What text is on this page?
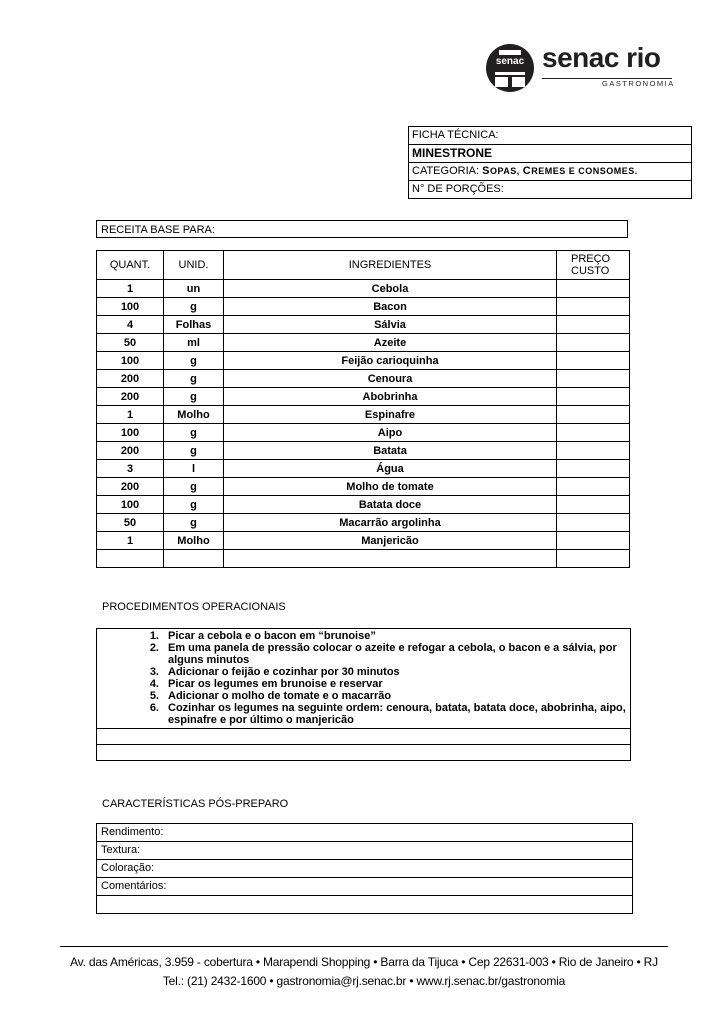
senac senac rio
GASTRONOMIA
FICHA TÉCNICA:
MINESTRONE
CATEGORIA: SOPAS, CREMES E CONSOMES.
N° DE PORÇÕES:
RECEITA BASE PARA:
QUANT.	UNID.	INGREDIENTES	PREÇO
CUSTO
1	un	Cebola	
100	g	Bacon	
4	Folhas	Sálvia	
50	ml	Azeite	
100	g	Feijão carioquinha	
200	g	Cenoura	
200	g	Abobrinha	
1	Molho	Espinafre	
100	g	Aipo	
200	g	Batata	
3	l	Água	
200	g	Molho de tomate	
100	g	Batata doce	
50	g	Macarrão argolinha	
1	Molho	Manjericão	

PROCEDIMENTOS OPERACIONAIS
1. Picar a cebola e o bacon em “brunoise”
2. Em uma panela de pressão colocar o azeite e refogar a cebola, o bacon e a sálvia, por alguns minutos
3. Adicionar o feijão e cozinhar por 30 minutos
4. Picar os legumes em brunoise e reservar
5. Adicionar o molho de tomate e o macarrão
6. Cozinhar os legumes na seguinte ordem: cenoura, batata, batata doce, abobrinha, aipo, espinafre e por último o manjericão
CARACTERÍSTICAS PÓS-PREPARO
Rendimento:
Textura:
Coloração:
Comentários:
Av. das Américas, 3.959 - cobertura • Marapendi Shopping • Barra da Tijuca • Cep 22631-003 • Rio de Janeiro • RJ
Tel.: (21) 2432-1600 • gastronomia@rj.senac.br • www.rj.senac.br/gastronomia
